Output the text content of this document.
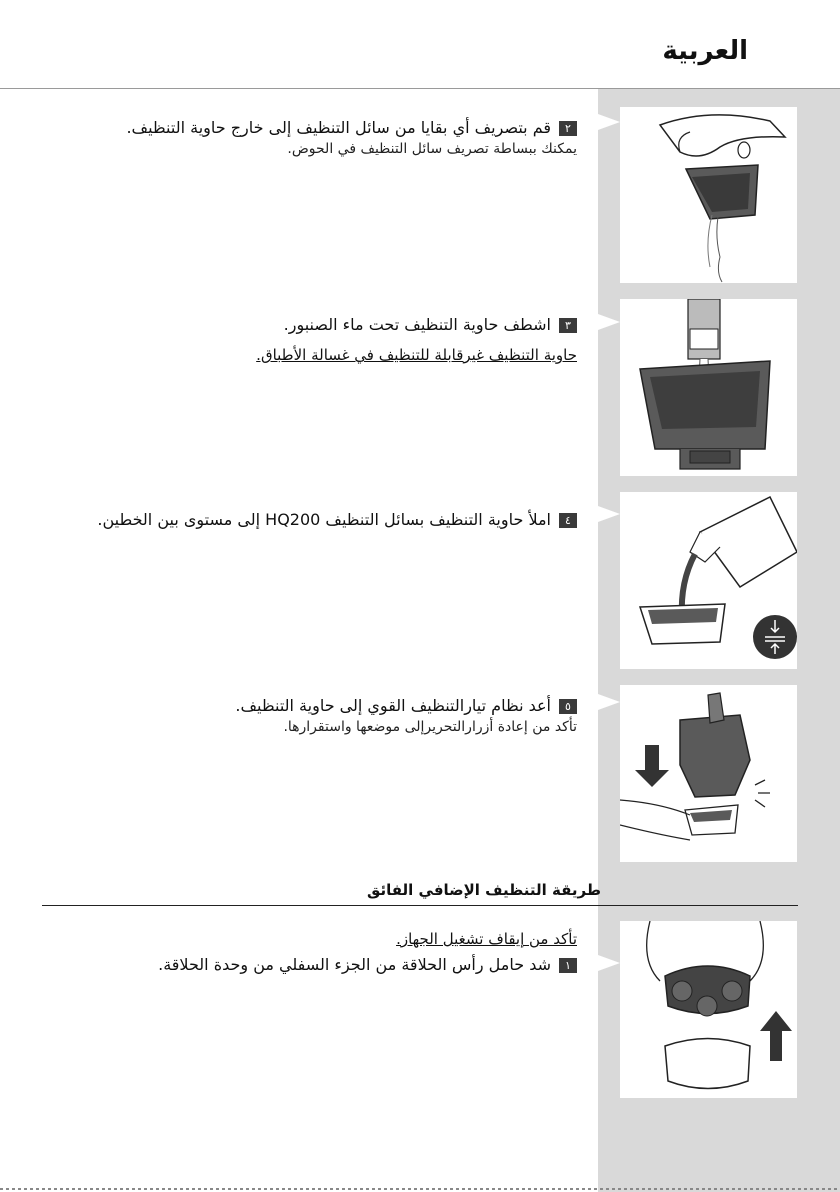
العربية
٢قم بتصريف أي بقايا من سائل التنظيف إلى خارج حاوية التنظيف.
يمكنك ببساطة تصريف سائل التنظيف في الحوض.
٣اشطف حاوية التنظيف تحت ماء الصنبور.
حاوية التنظيف غيرقابلة للتنظيف في غسالة الأطباق.
٤املأ حاوية التنظيف بسائل التنظيف HQ200 إلى مستوى بين الخطين.
٥أعد نظام تيارالتنظيف القوي إلى حاوية التنظيف.
تأكد من إعادة أزرارالتحريرإلى موضعها واستقرارها.
طريقة التنظيف الإضافي الفائق
تأكد من إيقاف تشغيل الجهاز.
١شد حامل رأس الحلاقة من الجزء السفلي من وحدة الحلاقة.
